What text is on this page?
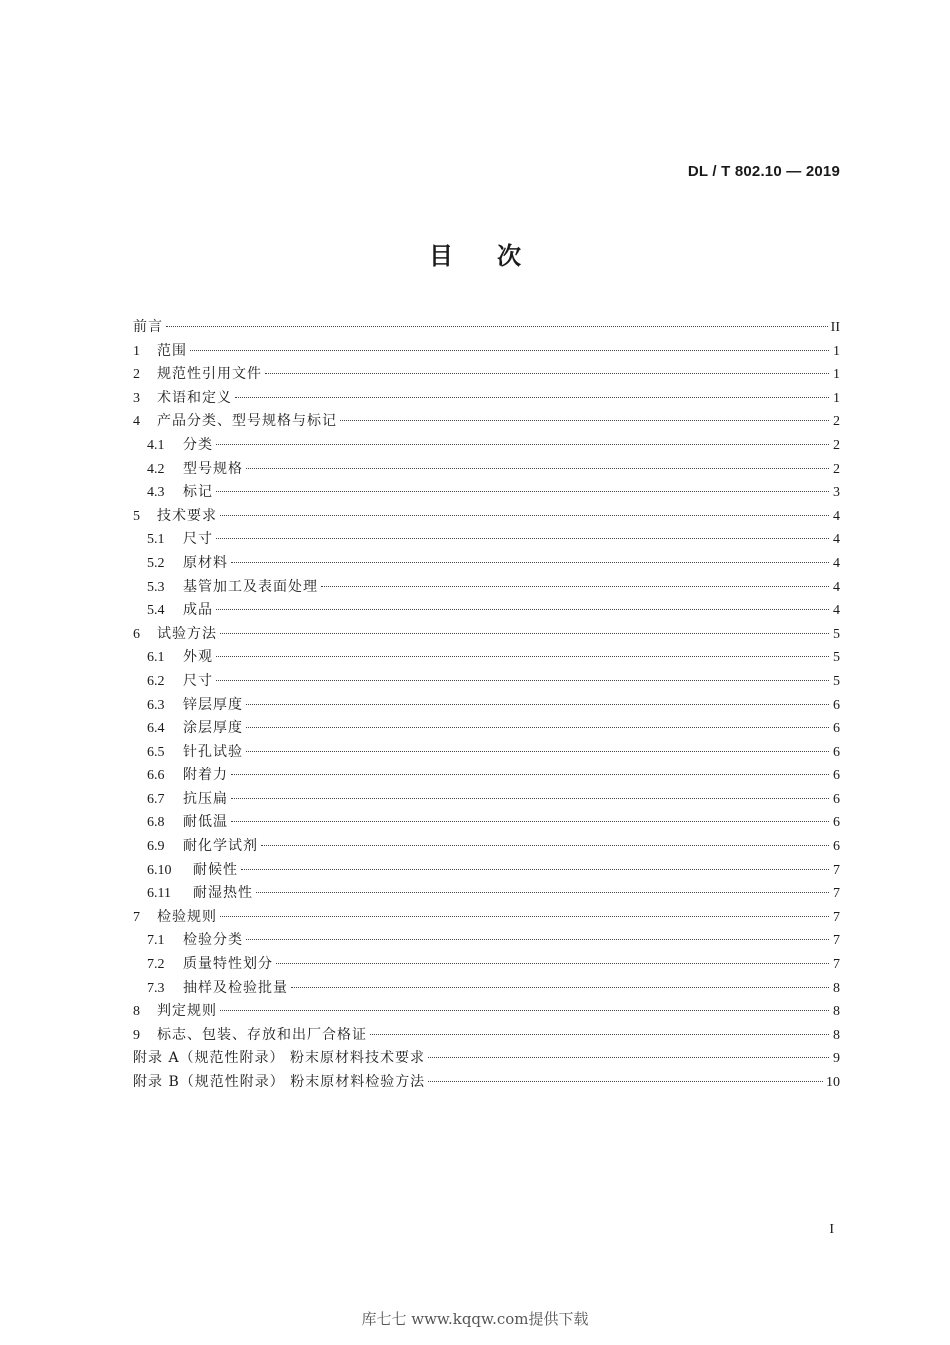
DL / T 802.10 — 2019
目次
前言	II
1	范围	1
2	规范性引用文件	1
3	术语和定义	1
4	产品分类、型号规格与标记	2
4.1	分类	2
4.2	型号规格	2
4.3	标记	3
5	技术要求	4
5.1	尺寸	4
5.2	原材料	4
5.3	基管加工及表面处理	4
5.4	成品	4
6	试验方法	5
6.1	外观	5
6.2	尺寸	5
6.3	锌层厚度	6
6.4	涂层厚度	6
6.5	针孔试验	6
6.6	附着力	6
6.7	抗压扁	6
6.8	耐低温	6
6.9	耐化学试剂	6
6.10	耐候性	7
6.11	耐湿热性	7
7	检验规则	7
7.1	检验分类	7
7.2	质量特性划分	7
7.3	抽样及检验批量	8
8	判定规则	8
9	标志、包装、存放和出厂合格证	8
附录 A（规范性附录） 粉末原材料技术要求	9
附录 B（规范性附录） 粉末原材料检验方法	10
I
库七七 www.kqqw.com提供下载
